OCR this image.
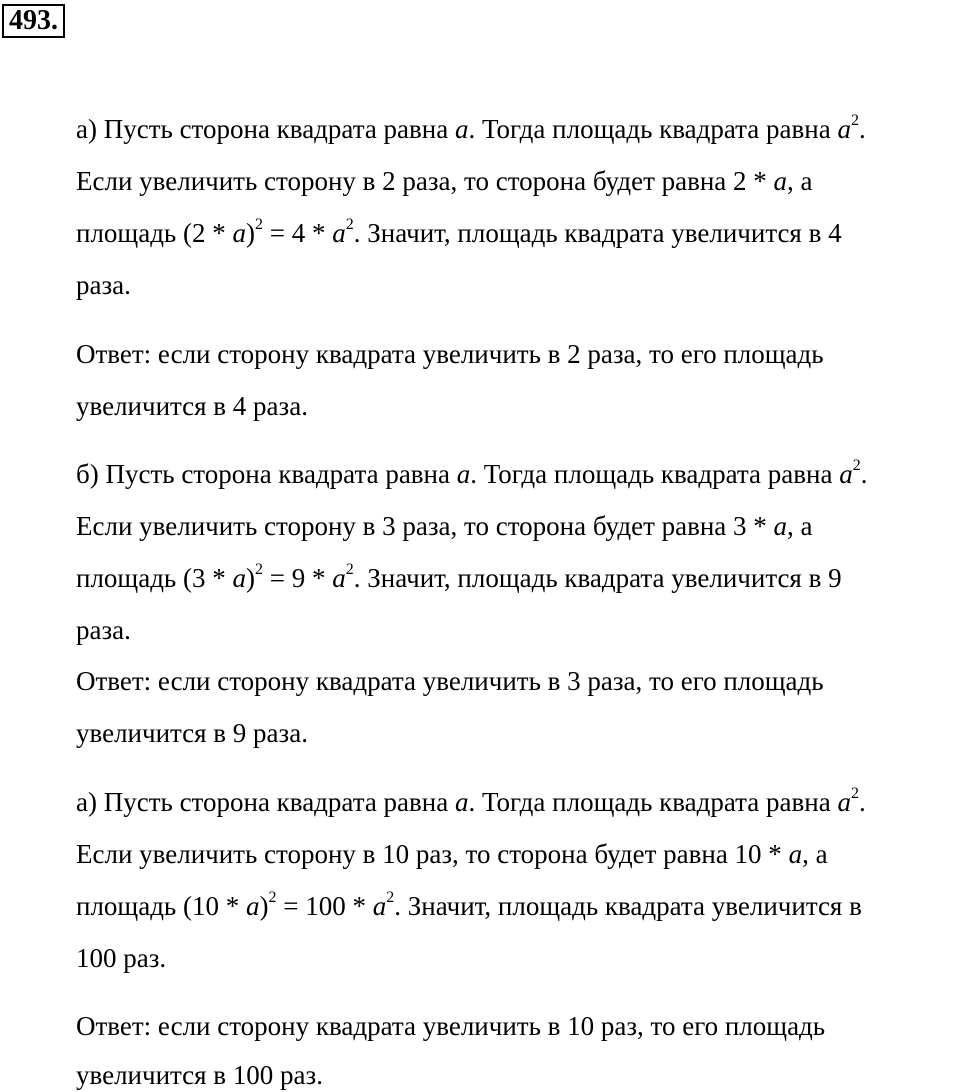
493.
а) Пусть сторона квадрата равна a. Тогда площадь квадрата равна $a^2$.
Если увеличить сторону в 2 раза, то сторона будет равна 2 * a, а
площадь $(2 * a)^2 = 4 * a^2$. Значит, площадь квадрата увеличится в 4
раза.
Ответ: если сторону квадрата увеличить в 2 раза, то его площадь
увеличится в 4 раза.
б) Пусть сторона квадрата равна a. Тогда площадь квадрата равна $a^2$.
Если увеличить сторону в 3 раза, то сторона будет равна 3 * a, а
площадь $(3 * a)^2 = 9 * a^2$. Значит, площадь квадрата увеличится в 9
раза.
Ответ: если сторону квадрата увеличить в 3 раза, то его площадь
увеличится в 9 раза.
а) Пусть сторона квадрата равна a. Тогда площадь квадрата равна $a^2$.
Если увеличить сторону в 10 раз, то сторона будет равна 10 * a, а
площадь $(10 * a)^2 = 100 * a^2$. Значит, площадь квадрата увеличится в
100 раз.
Ответ: если сторону квадрата увеличить в 10 раз, то его площадь
увеличится в 100 раз.
